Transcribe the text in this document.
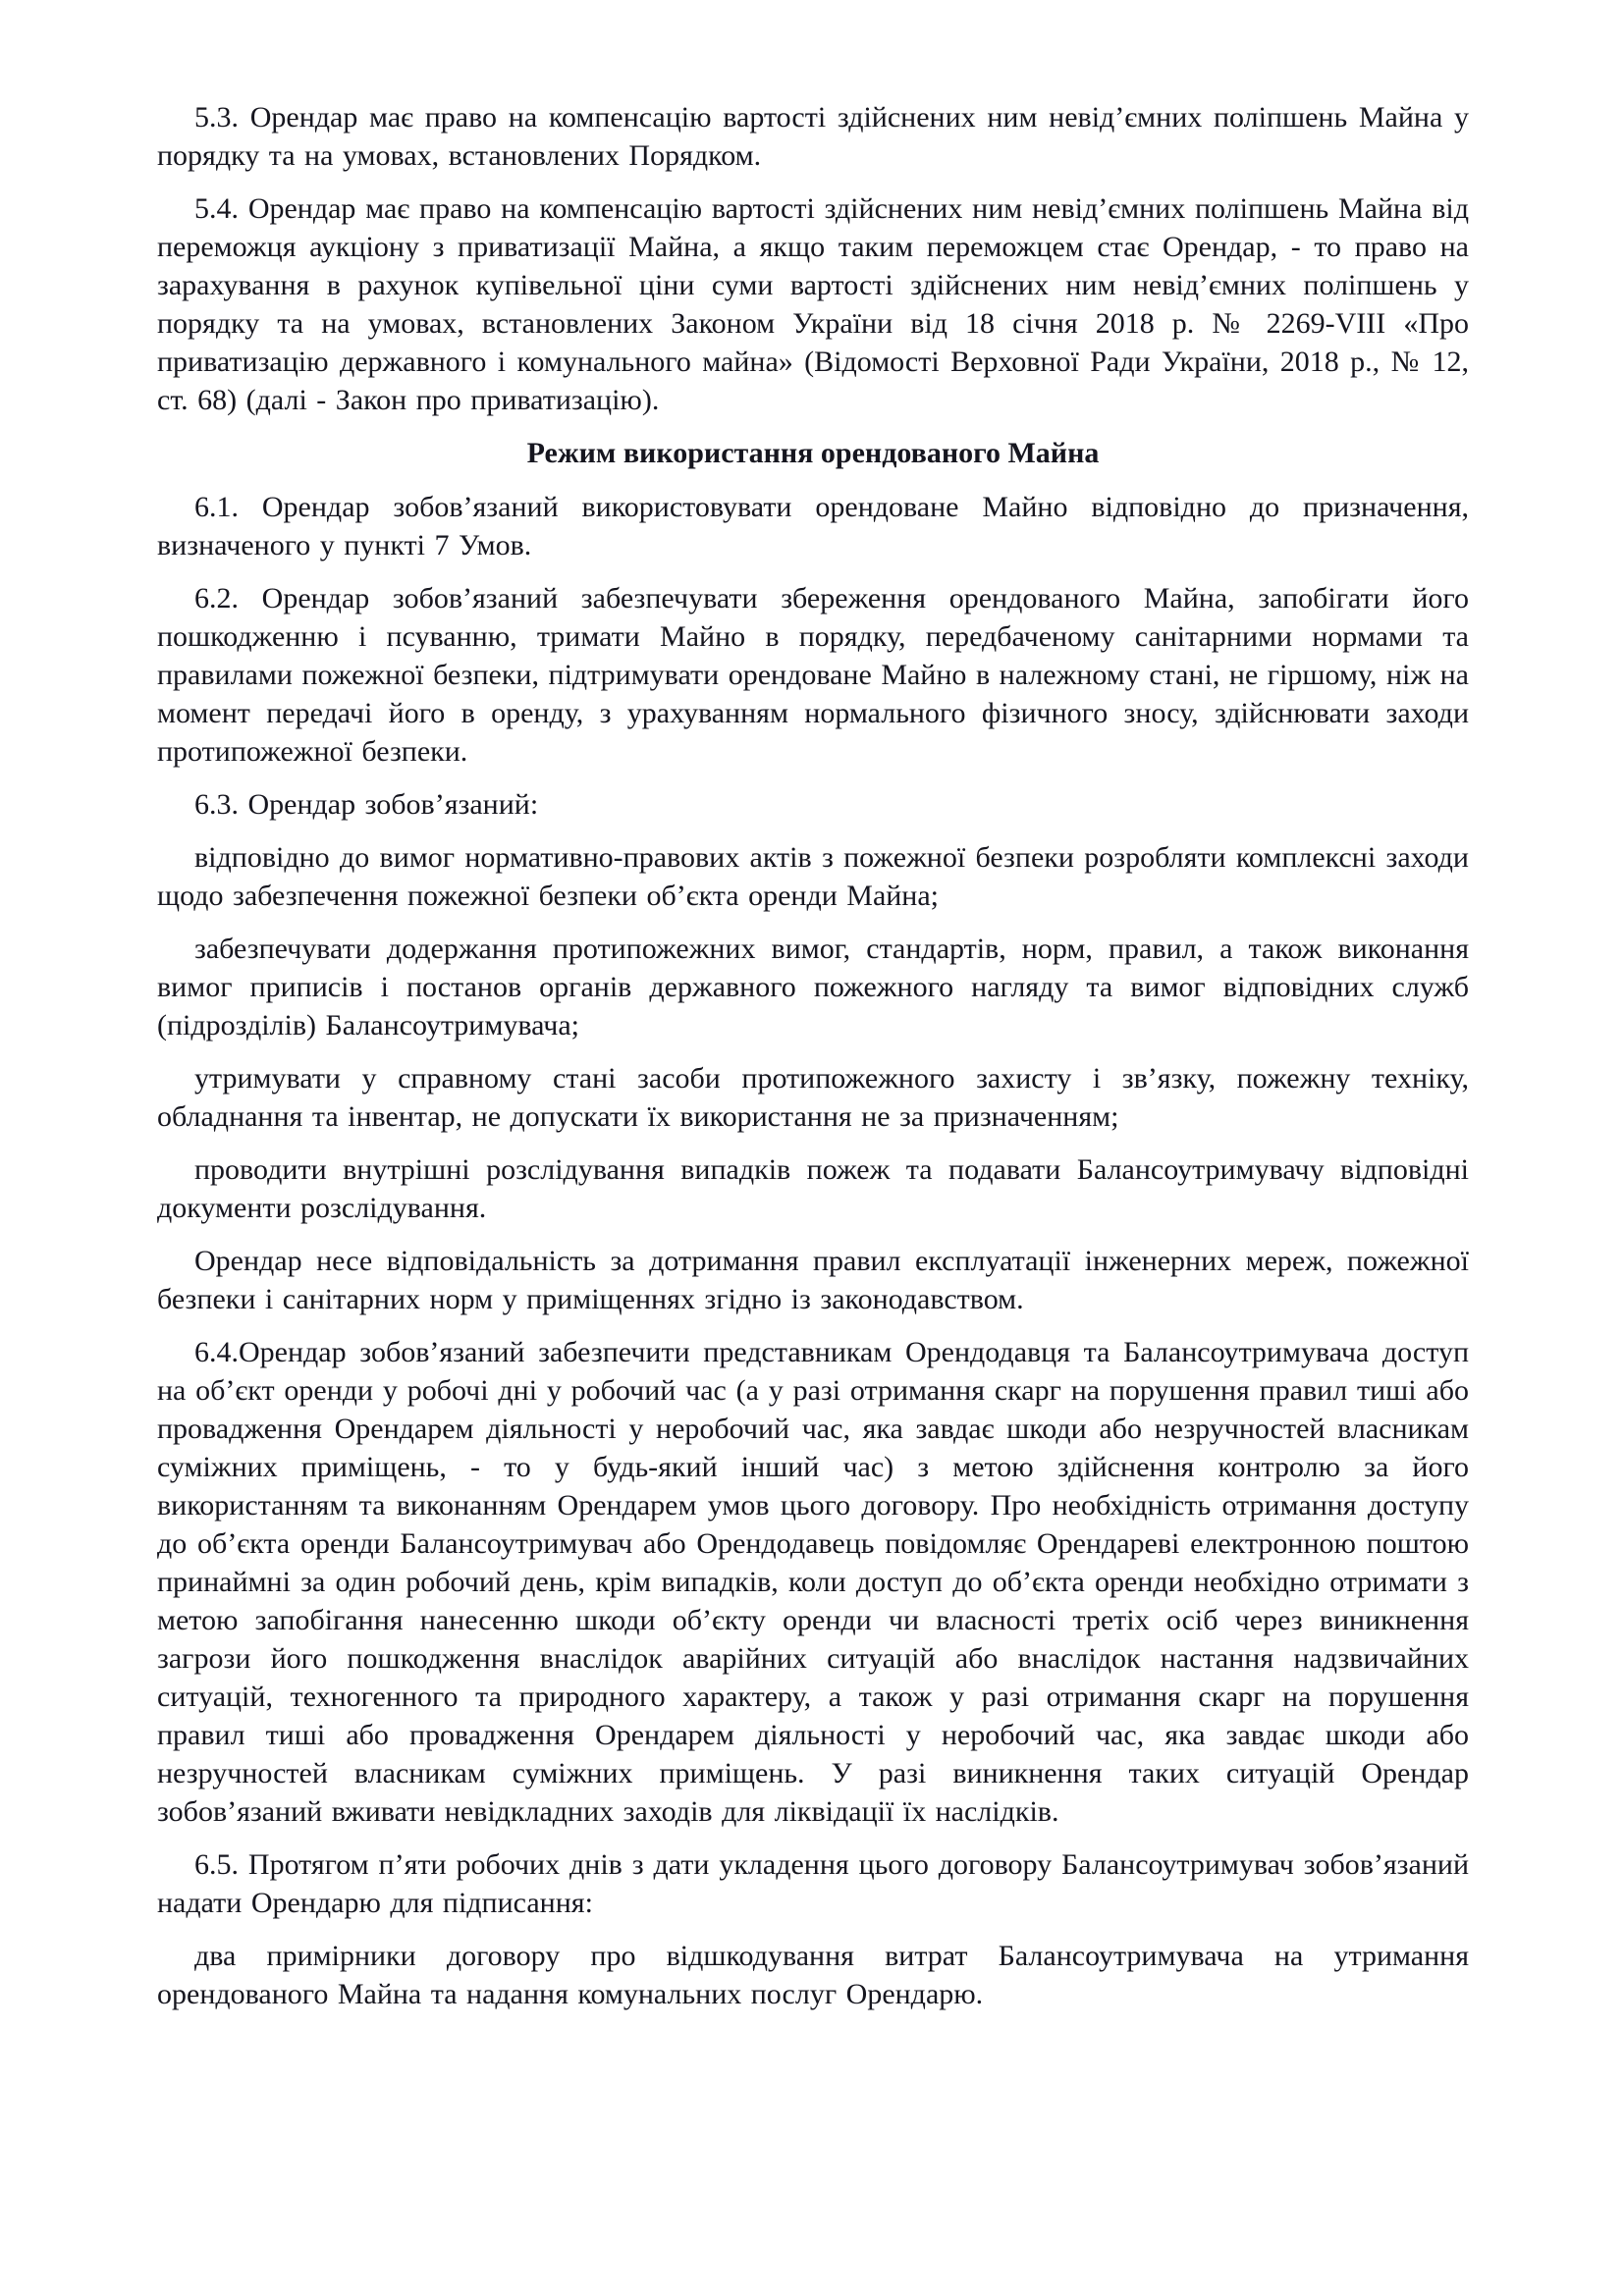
5.3. Орендар має право на компенсацію вартості здійснених ним невід’ємних поліпшень Майна у порядку та на умовах, встановлених Порядком.

5.4. Орендар має право на компенсацію вартості здійснених ним невід’ємних поліпшень Майна від переможця аукціону з приватизації Майна, а якщо таким переможцем стає Орендар, - то право на зарахування в рахунок купівельної ціни суми вартості здійснених ним невід’ємних поліпшень у порядку та на умовах, встановлених Законом України від 18 січня 2018 р. № 2269-VIII «Про приватизацію державного і комунального майна» (Відомості Верховної Ради України, 2018 р., № 12, ст. 68) (далі - Закон про приватизацію).

Режим використання орендованого Майна

6.1. Орендар зобов’язаний використовувати орендоване Майно відповідно до призначення, визначеного у пункті 7 Умов.

6.2. Орендар зобов’язаний забезпечувати збереження орендованого Майна, запобігати його пошкодженню і псуванню, тримати Майно в порядку, передбаченому санітарними нормами та правилами пожежної безпеки, підтримувати орендоване Майно в належному стані, не гіршому, ніж на момент передачі його в оренду, з урахуванням нормального фізичного зносу, здійснювати заходи протипожежної безпеки.

6.3. Орендар зобов’язаний:

відповідно до вимог нормативно-правових актів з пожежної безпеки розробляти комплексні заходи щодо забезпечення пожежної безпеки об’єкта оренди Майна;

забезпечувати додержання протипожежних вимог, стандартів, норм, правил, а також виконання вимог приписів і постанов органів державного пожежного нагляду та вимог відповідних служб (підрозділів) Балансоутримувача;

утримувати у справному стані засоби протипожежного захисту і зв’язку, пожежну техніку, обладнання та інвентар, не допускати їх використання не за призначенням;

проводити внутрішні розслідування випадків пожеж та подавати Балансоутримувачу відповідні документи розслідування.

Орендар несе відповідальність за дотримання правил експлуатації інженерних мереж, пожежної безпеки і санітарних норм у приміщеннях згідно із законодавством.

6.4.Орендар зобов’язаний забезпечити представникам Орендодавця та Балансоутримувача доступ на об’єкт оренди у робочі дні у робочий час (а у разі отримання скарг на порушення правил тиші або провадження Орендарем діяльності у неробочий час, яка завдає шкоди або незручностей власникам суміжних приміщень, - то у будь-який інший час) з метою здійснення контролю за його використанням та виконанням Орендарем умов цього договору. Про необхідність отримання доступу до об’єкта оренди Балансоутримувач або Орендодавець повідомляє Орендареві електронною поштою принаймні за один робочий день, крім випадків, коли доступ до об’єкта оренди необхідно отримати з метою запобігання нанесенню шкоди об’єкту оренди чи власності третіх осіб через виникнення загрози його пошкодження внаслідок аварійних ситуацій або внаслідок настання надзвичайних ситуацій, техногенного та природного характеру, а також у разі отримання скарг на порушення правил тиші або провадження Орендарем діяльності у неробочий час, яка завдає шкоди або незручностей власникам суміжних приміщень. У разі виникнення таких ситуацій Орендар зобов’язаний вживати невідкладних заходів для ліквідації їх наслідків.

6.5. Протягом п’яти робочих днів з дати укладення цього договору Балансоутримувач зобов’язаний надати Орендарю для підписання:

два примірники договору про відшкодування витрат Балансоутримувача на утримання орендованого Майна та надання комунальних послуг Орендарю.
